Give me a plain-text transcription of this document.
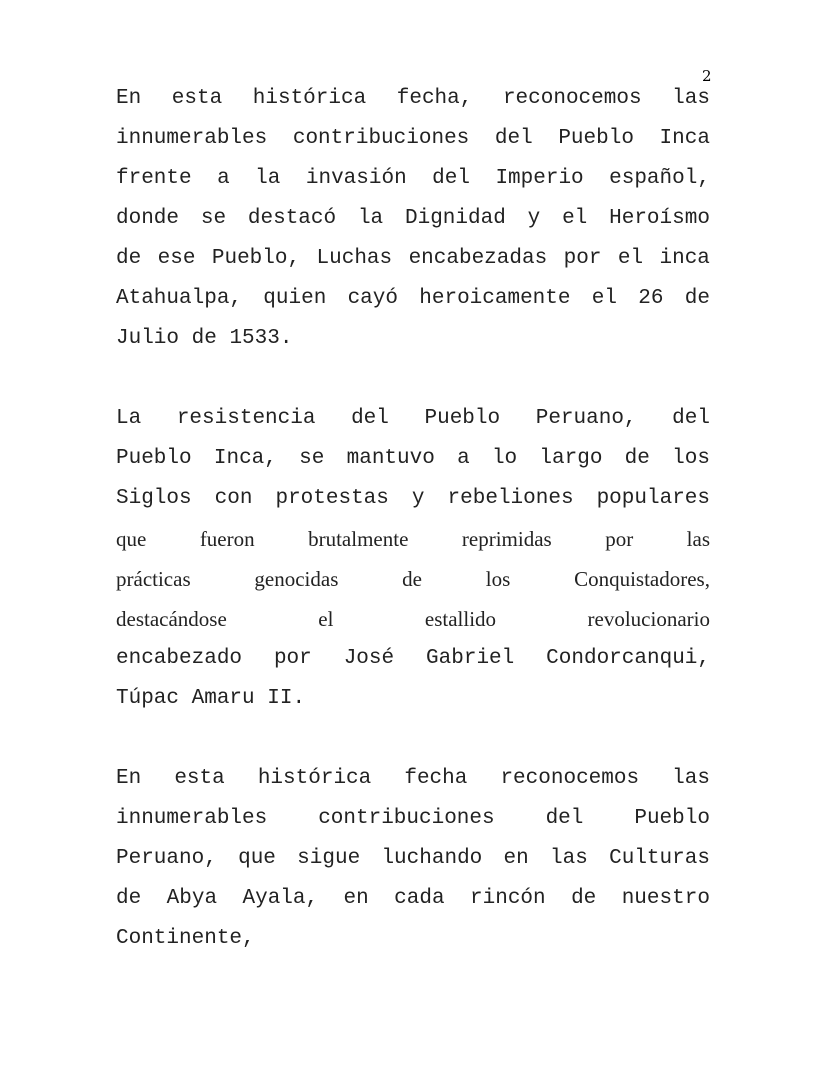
2
En esta histórica fecha, reconocemos las
innumerables contribuciones del Pueblo Inca
frente a la invasión del Imperio español,
donde se destacó la Dignidad y el Heroísmo
de ese Pueblo, Luchas encabezadas por el inca
Atahualpa, quien cayó heroicamente el 26 de
Julio de 1533.
La resistencia del Pueblo Peruano, del
Pueblo Inca, se mantuvo a lo largo de los
Siglos con protestas y rebeliones populares
que	fueron	brutalmente	reprimidas	por	las
prácticas	genocidas	de	los	Conquistadores,
destacándose	el	estallido	revolucionario
encabezado por José Gabriel Condorcanqui,
Túpac Amaru II.
En esta histórica fecha reconocemos las
innumerables contribuciones del Pueblo
Peruano, que sigue luchando en las Culturas
de Abya Ayala, en cada rincón de nuestro
Continente,
